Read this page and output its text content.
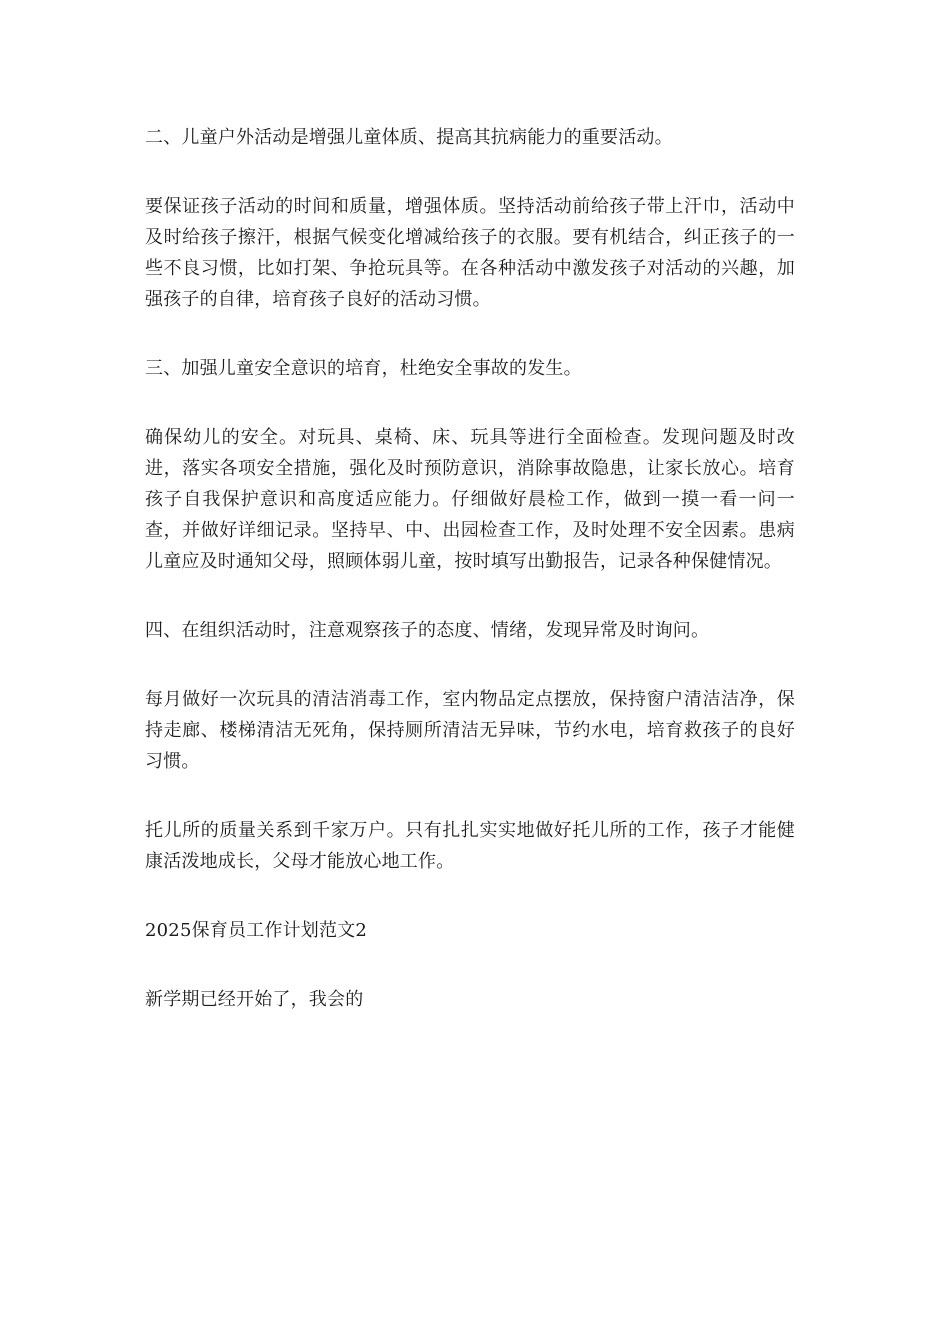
二、儿童户外活动是增强儿童体质、提高其抗病能力的重要活动。

要保证孩子活动的时间和质量，增强体质。坚持活动前给孩子带上汗巾，活动中及时给孩子擦汗，根据气候变化增减给孩子的衣服。要有机结合，纠正孩子的一些不良习惯，比如打架、争抢玩具等。在各种活动中激发孩子对活动的兴趣，加强孩子的自律，培育孩子良好的活动习惯。

三、加强儿童安全意识的培育，杜绝安全事故的发生。

确保幼儿的安全。对玩具、桌椅、床、玩具等进行全面检查。发现问题及时改进，落实各项安全措施，强化及时预防意识，消除事故隐患，让家长放心。培育孩子自我保护意识和高度适应能力。仔细做好晨检工作，做到一摸一看一问一查，并做好详细记录。坚持早、中、出园检查工作，及时处理不安全因素。患病儿童应及时通知父母，照顾体弱儿童，按时填写出勤报告，记录各种保健情况。

四、在组织活动时，注意观察孩子的态度、情绪，发现异常及时询问。

每月做好一次玩具的清洁消毒工作，室内物品定点摆放，保持窗户清洁洁净，保持走廊、楼梯清洁无死角，保持厕所清洁无异味，节约水电，培育救孩子的良好习惯。

托儿所的质量关系到千家万户。只有扎扎实实地做好托儿所的工作，孩子才能健康活泼地成长，父母才能放心地工作。

2025保育员工作计划范文2

新学期已经开始了，我会的
